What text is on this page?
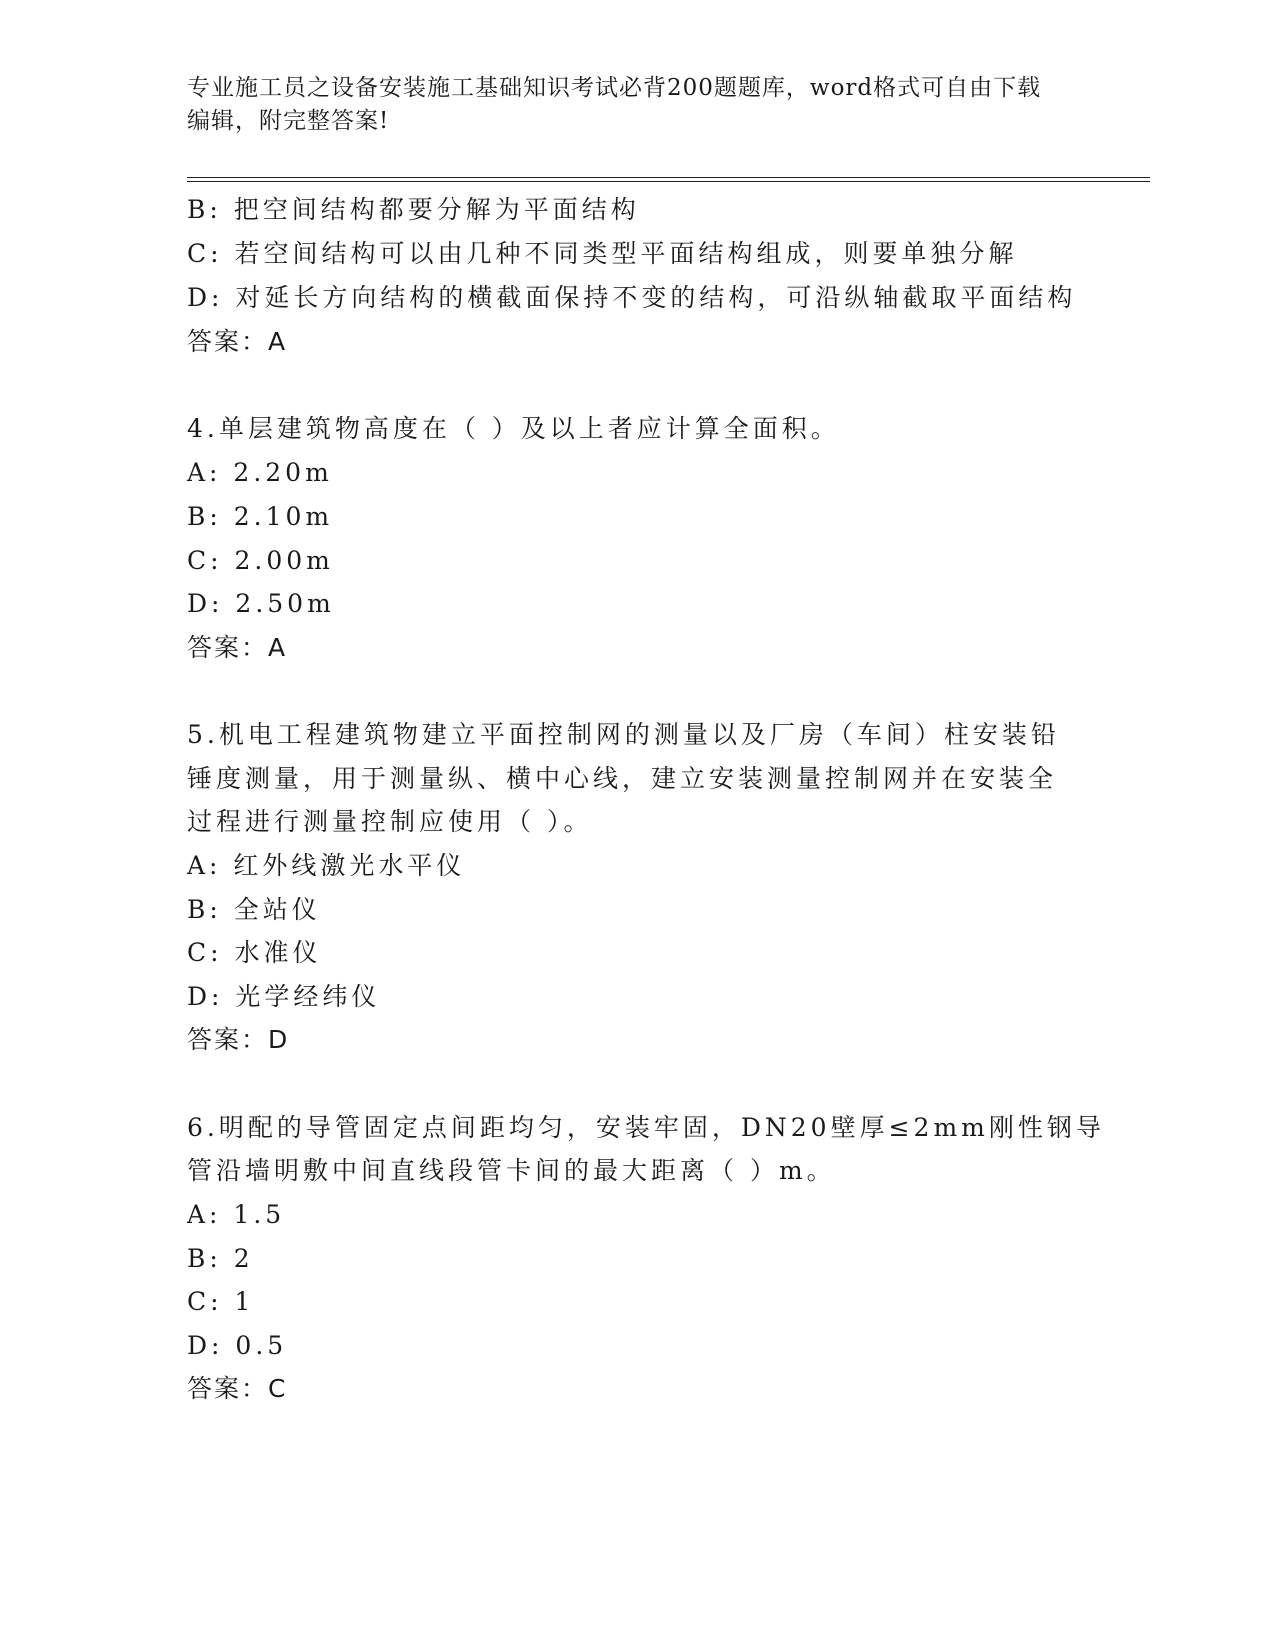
专业施工员之设备安装施工基础知识考试必背200题题库，word格式可自由下载
编辑，附完整答案!
B: 把空间结构都要分解为平面结构
C: 若空间结构可以由几种不同类型平面结构组成，则要单独分解
D: 对延长方向结构的横截面保持不变的结构，可沿纵轴截取平面结构
答案：A
4.单层建筑物高度在（ ）及以上者应计算全面积。
A: 2.20m
B: 2.10m
C: 2.00m
D: 2.50m
答案：A
5.机电工程建筑物建立平面控制网的测量以及厂房（车间）柱安装铅
锤度测量，用于测量纵、横中心线，建立安装测量控制网并在安装全
过程进行测量控制应使用（ ）。
A: 红外线激光水平仪
B: 全站仪
C: 水准仪
D: 光学经纬仪
答案：D
6.明配的导管固定点间距均匀，安装牢固，DN20壁厚≤2mm刚性钢导
管沿墙明敷中间直线段管卡间的最大距离（ ）m。
A: 1.5
B: 2
C: 1
D: 0.5
答案：C
